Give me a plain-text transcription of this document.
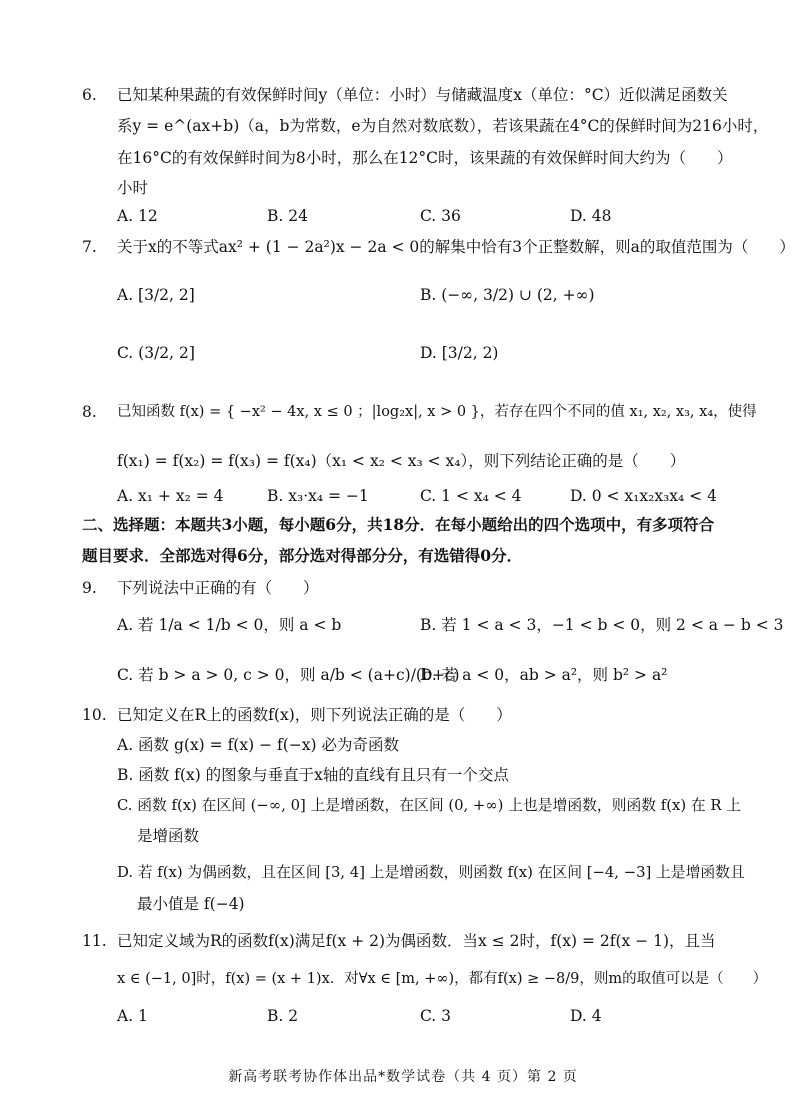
6. 已知某种果蔬的有效保鲜时间y（单位：小时）与储藏温度x（单位：°C）近似满足函数关
系y = e^(ax+b)（a，b为常数，e为自然对数底数），若该果蔬在4°C的保鲜时间为216小时，
在16°C的有效保鲜时间为8小时，那么在12°C时，该果蔬的有效保鲜时间大约为（　　）
小时
A. 12	B. 24	C. 36	D. 48
7. 关于x的不等式ax² + (1 − 2a²)x − 2a < 0的解集中恰有3个正整数解，则a的取值范围为（　　）
A. [3/2, 2]	B. (−∞, 3/2) ∪ (2, +∞)
C. (3/2, 2]	D. [3/2, 2)
8. 已知函数 f(x) = { −x² − 4x, x ≤ 0 ；|log₂x|, x > 0 }，若存在四个不同的值 x₁, x₂, x₃, x₄，使得
f(x₁) = f(x₂) = f(x₃) = f(x₄)（x₁ < x₂ < x₃ < x₄），则下列结论正确的是（　　）
A. x₁ + x₂ = 4	B. x₃·x₄ = −1	C. 1 < x₄ < 4	D. 0 < x₁x₂x₃x₄ < 4
二、选择题：本题共3小题，每小题6分，共18分．在每小题给出的四个选项中，有多项符合
题目要求．全部选对得6分，部分选对得部分分，有选错得0分．
9. 下列说法中正确的有（　　）
A. 若 1/a < 1/b < 0，则 a < b	B. 若 1 < a < 3，−1 < b < 0，则 2 < a − b < 3
C. 若 b > a > 0, c > 0，则 a/b < (a+c)/(b+c)
D. 若 a < 0，ab > a²，则 b² > a²
10. 已知定义在R上的函数f(x)，则下列说法正确的是（　　）
A. 函数 g(x) = f(x) − f(−x) 必为奇函数
B. 函数 f(x) 的图象与垂直于x轴的直线有且只有一个交点
C. 函数 f(x) 在区间 (−∞, 0] 上是增函数，在区间 (0, +∞) 上也是增函数，则函数 f(x) 在 R 上
是增函数
D. 若 f(x) 为偶函数，且在区间 [3, 4] 上是增函数，则函数 f(x) 在区间 [−4, −3] 上是增函数且
最小值是 f(−4)
11. 已知定义域为R的函数f(x)满足f(x + 2)为偶函数．当x ≤ 2时，f(x) = 2f(x − 1)，且当
x ∈ (−1, 0]时，f(x) = (x + 1)x．对∀x ∈ [m, +∞)，都有f(x) ≥ −8/9，则m的取值可以是（　　）
A. 1	B. 2	C. 3	D. 4
新高考联考协作体出品*数学试卷（共 4 页）第 2 页
